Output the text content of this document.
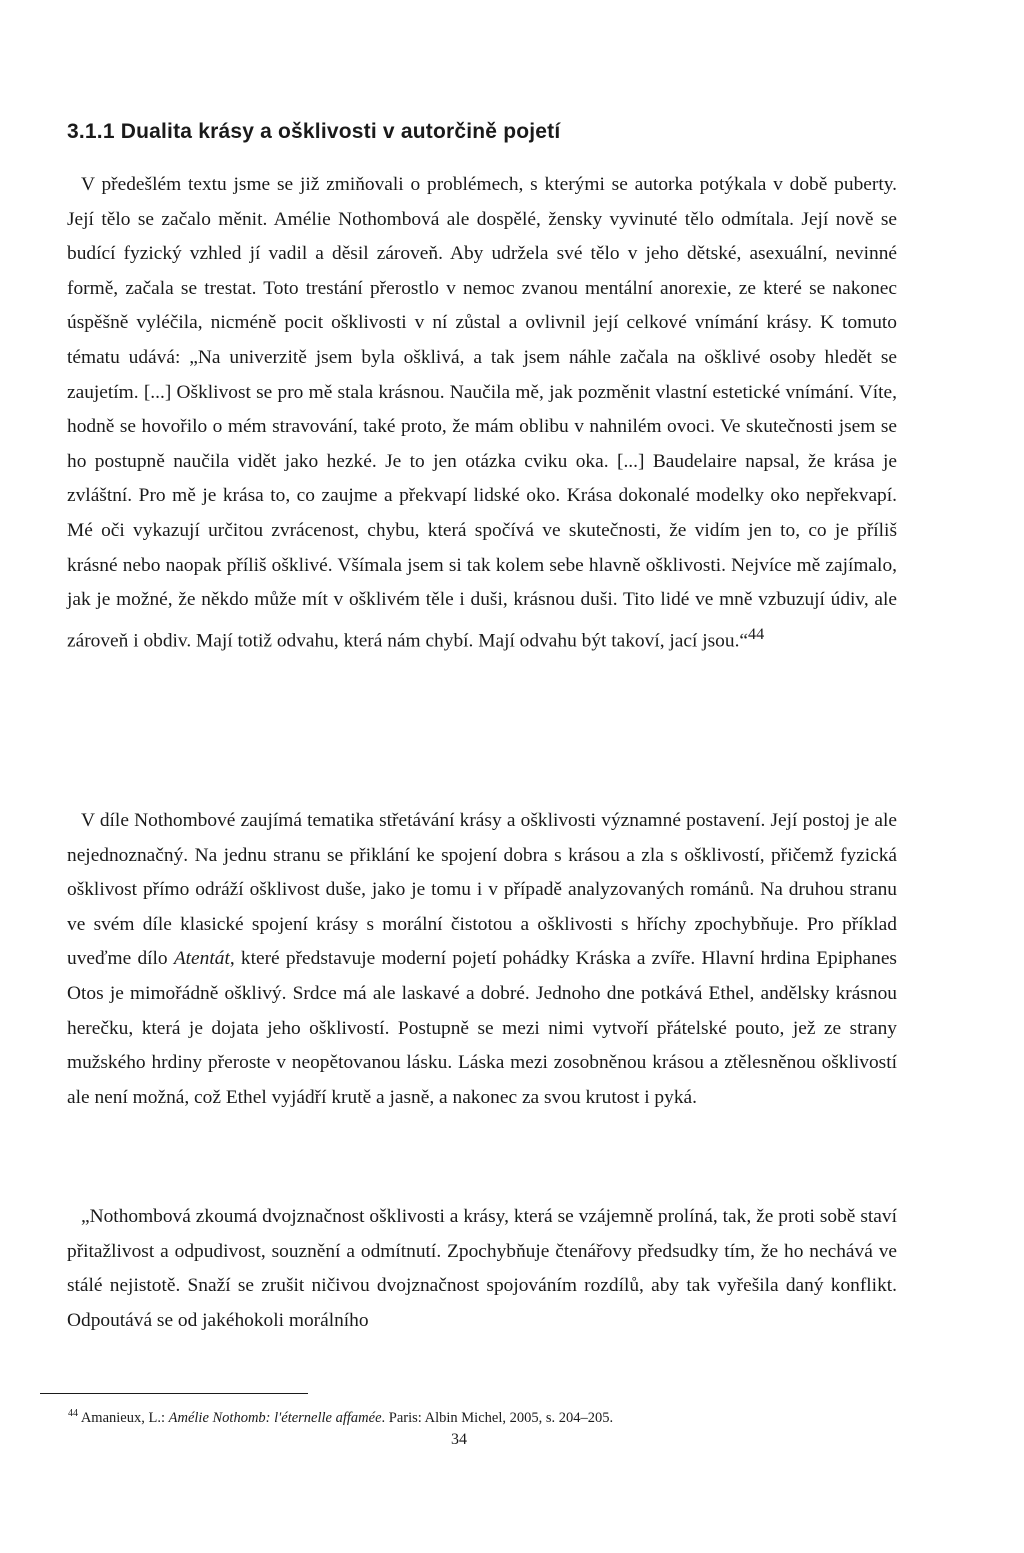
3.1.1 Dualita krásy a ošklivosti v autorčině pojetí

V předešlém textu jsme se již zmiňovali o problémech, s kterými se autorka potýkala v době puberty. Její tělo se začalo měnit. Amélie Nothombová ale dospělé, žensky vyvinuté tělo odmítala. Její nově se budící fyzický vzhled jí vadil a děsil zároveň. Aby udržela své tělo v jeho dětské, asexuální, nevinné formě, začala se trestat. Toto trestání přerostlo v nemoc zvanou mentální anorexie, ze které se nakonec úspěšně vyléčila, nicméně pocit ošklivosti v ní zůstal a ovlivnil její celkové vnímání krásy. K tomuto tématu udává: „Na univerzitě jsem byla ošklivá, a tak jsem náhle začala na ošklivé osoby hledět se zaujetím. [...] Ošklivost se pro mě stala krásnou. Naučila mě, jak pozměnit vlastní estetické vnímání. Víte, hodně se hovořilo o mém stravování, také proto, že mám oblibu v nahnilém ovoci. Ve skutečnosti jsem se ho postupně naučila vidět jako hezké. Je to jen otázka cviku oka. [...] Baudelaire napsal, že krása je zvláštní. Pro mě je krása to, co zaujme a překvapí lidské oko. Krása dokonalé modelky oko nepřekvapí. Mé oči vykazují určitou zvrácenost, chybu, která spočívá ve skutečnosti, že vidím jen to, co je příliš krásné nebo naopak příliš ošklivé. Všímala jsem si tak kolem sebe hlavně ošklivosti. Nejvíce mě zajímalo, jak je možné, že někdo může mít v ošklivém těle i duši, krásnou duši. Tito lidé ve mně vzbuzují údiv, ale zároveň i obdiv. Mají totiž odvahu, která nám chybí. Mají odvahu být takoví, jací jsou.“$^{44}$

V díle Nothombové zaujímá tematika střetávání krásy a ošklivosti významné postavení. Její postoj je ale nejednoznačný. Na jednu stranu se přiklání ke spojení dobra s krásou a zla s ošklivostí, přičemž fyzická ošklivost přímo odráží ošklivost duše, jako je tomu i v případě analyzovaných románů. Na druhou stranu ve svém díle klasické spojení krásy s morální čistotou a ošklivosti s hříchy zpochybňuje. Pro příklad uveďme dílo Atentát, které představuje moderní pojetí pohádky Kráska a zvíře. Hlavní hrdina Epiphanes Otos je mimořádně ošklivý. Srdce má ale laskavé a dobré. Jednoho dne potkává Ethel, andělsky krásnou herečku, která je dojata jeho ošklivostí. Postupně se mezi nimi vytvoří přátelské pouto, jež ze strany mužského hrdiny přeroste v neopětovanou lásku. Láska mezi zosobněnou krásou a ztělesněnou ošklivostí ale není možná, což Ethel vyjádří krutě a jasně, a nakonec za svou krutost i pyká.

„Nothombová zkoumá dvojznačnost ošklivosti a krásy, která se vzájemně prolíná, tak, že proti sobě staví přitažlivost a odpudivost, souznění a odmítnutí. Zpochybňuje čtenářovy předsudky tím, že ho nechává ve stálé nejistotě. Snaží se zrušit ničivou dvojznačnost spojováním rozdílů, aby tak vyřešila daný konflikt. Odpoutává se od jakéhokoli morálního

$^{44}$ Amanieux, L.: Amélie Nothomb: l'éternelle affamée. Paris: Albin Michel, 2005, s. 204–205.

34
